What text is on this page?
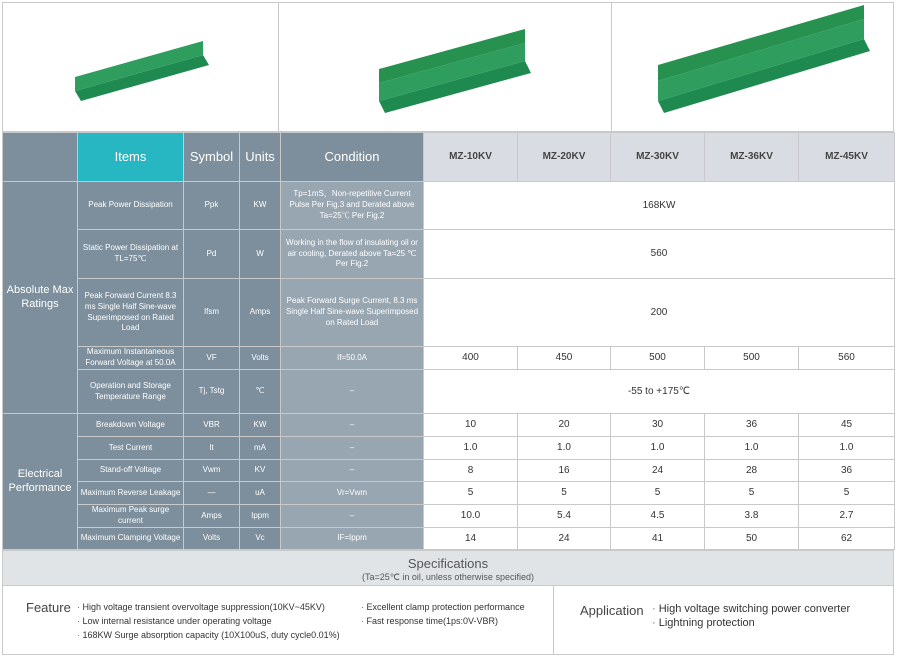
	Items	Symbol	Units	Condition	MZ-10KV	MZ-20KV	MZ-30KV	MZ-36KV	MZ-45KV
Absolute Max Ratings	Peak Power Dissipation	Ppk	KW	Tp=1mS，Non-repetitive Current Pulse Per Fig.3 and Derated above Ta=25℃ Per Fig.2	168KW				
	Static Power Dissipation at TL=75℃	Pd	W	Working in the flow of insulating oil or air cooling, Derated above Ta=25 ℃ Per Fig.2	560				
	Peak Forward Current 8.3 ms Single Half Sine-wave Superimposed on Rated Load	Ifsm	Amps	Peak Forward Surge Current, 8.3 ms Single Half Sine-wave Superimposed on Rated Load	200				
	Maximum Instantaneous Forward Voltage at 50.0A	VF	Volts	If=50.0A	400	450	500	500	560
	Operation and Storage Temperature Range	Tj, Tstg	℃	–	-55 to +175℃				
Electrical Performance	Breakdown Voltage	VBR	KW	–	10	20	30	36	45
	Test Current	It	mA	–	1.0	1.0	1.0	1.0	1.0
	Stand-off Voltage	Vwm	KV	–	8	16	24	28	36
	Maximum Reverse Leakage	—	uA	Vr=Vwm	5	5	5	5	5
	Maximum Peak surge current	Amps	Ippm	–	10.0	5.4	4.5	3.8	2.7
	Maximum Clamping Voltage	Volts	Vc	IF=Ippm	14	24	41	50	62
Specifications
(Ta=25℃ in oil, unless otherwise specified)
Feature	· High voltage transient overvoltage suppression(10KV~45KV)
· Low internal resistance under operating voltage
· 168KW Surge absorption capacity (10X100uS, duty cycle0.01%)
· Excellent clamp protection performance
· Fast response time(1ps:0V-VBR)
Application	· High voltage switching power converter
· Lightning protection
